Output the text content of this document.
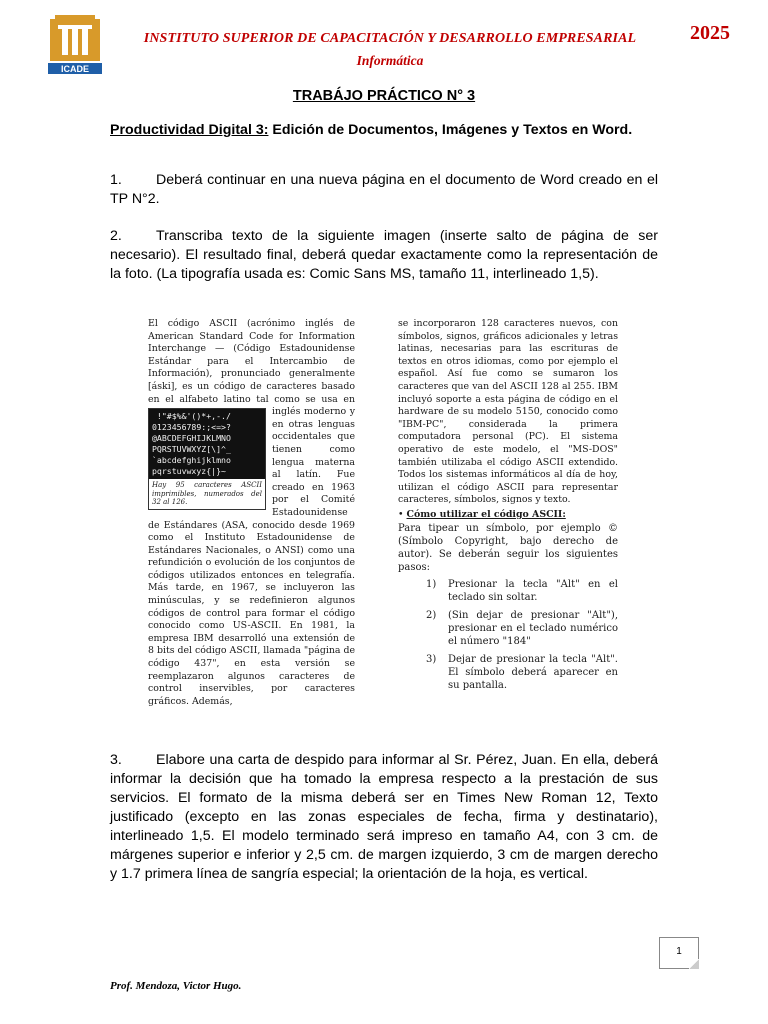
ICADE
INSTITUTO SUPERIOR DE CAPACITACIÓN Y DESARROLLO EMPRESARIAL
Informática
2025
TRABÁJO PRÁCTICO N° 3
Productividad Digital 3: Edición de Documentos, Imágenes y Textos en Word.
1. Deberá continuar en una nueva página en el documento de Word creado en el TP N°2.
2. Transcriba texto de la siguiente imagen (inserte salto de página de ser necesario). El resultado final, deberá quedar exactamente como la representación de la foto. (La tipografía usada es: Comic Sans MS, tamaño 11, interlineado 1,5).
El código ASCII (acrónimo inglés de American Standard Code for Information Interchange — (Código Estadounidense Estándar para el Intercambio de Información), pronunciado generalmente [áski], es un código de caracteres basado en el alfabeto latino tal como se usa en inglés
!"#$%&'()*+,-./
0123456789:;<=>?
@ABCDEFGHIJKLMNO
PQRSTUVWXYZ[\]^_
`abcdefghijklmno
pqrstuvwxyz{|}~
Hay 95 caracteres ASCII imprimibles, numerados del 32 al 126.
moderno y en otras lenguas occidentales que tienen como lengua materna al latín. Fue creado en 1963 por el Comité Estadounidense de Estándares (ASA, conocido desde 1969 como el Instituto Estadounidense de Estándares Nacionales, o ANSI) como una refundición o evolución de los conjuntos de códigos utilizados entonces en telegrafía. Más tarde, en 1967, se incluyeron las minúsculas, y se redefinieron algunos códigos de control para formar el código conocido como US-ASCII. En 1981, la empresa IBM desarrolló una extensión de 8 bits del código ASCII, llamada "página de código 437", en esta versión se reemplazaron algunos caracteres de control inservibles, por caracteres gráficos. Además,
se incorporaron 128 caracteres nuevos, con símbolos, signos, gráficos adicionales y letras latinas, necesarias para las escrituras de textos en otros idiomas, como por ejemplo el español. Así fue como se sumaron los caracteres que van del ASCII 128 al 255. IBM incluyó soporte a esta página de código en el hardware de su modelo 5150, conocido como "IBM-PC", considerada la primera computadora personal (PC). El sistema operativo de este modelo, el "MS-DOS" también utilizaba el código ASCII extendido. Todos los sistemas informáticos al día de hoy, utilizan el código ASCII para representar caracteres, símbolos, signos y texto.
• Cómo utilizar el código ASCII:
Para tipear un símbolo, por ejemplo © (Símbolo Copyright, bajo derecho de autor). Se deberán seguir los siguientes pasos:
1)	Presionar la tecla "Alt" en el teclado sin soltar.
2)	(Sin dejar de presionar "Alt"), presionar en el teclado numérico el número "184"
3)	Dejar de presionar la tecla "Alt". El símbolo deberá aparecer en su pantalla.
3. Elabore una carta de despido para informar al Sr. Pérez, Juan. En ella, deberá informar la decisión que ha tomado la empresa respecto a la prestación de sus servicios. El formato de la misma deberá ser en Times New Roman 12, Texto justificado (excepto en las zonas especiales de fecha, firma y destinatario), interlineado 1,5. El modelo terminado será impreso en tamaño A4, con 3 cm. de márgenes superior e inferior y 2,5 cm. de margen izquierdo, 3 cm de margen derecho y 1.7 primera línea de sangría especial; la orientación de la hoja, es vertical.
1
Prof. Mendoza, Victor Hugo.
